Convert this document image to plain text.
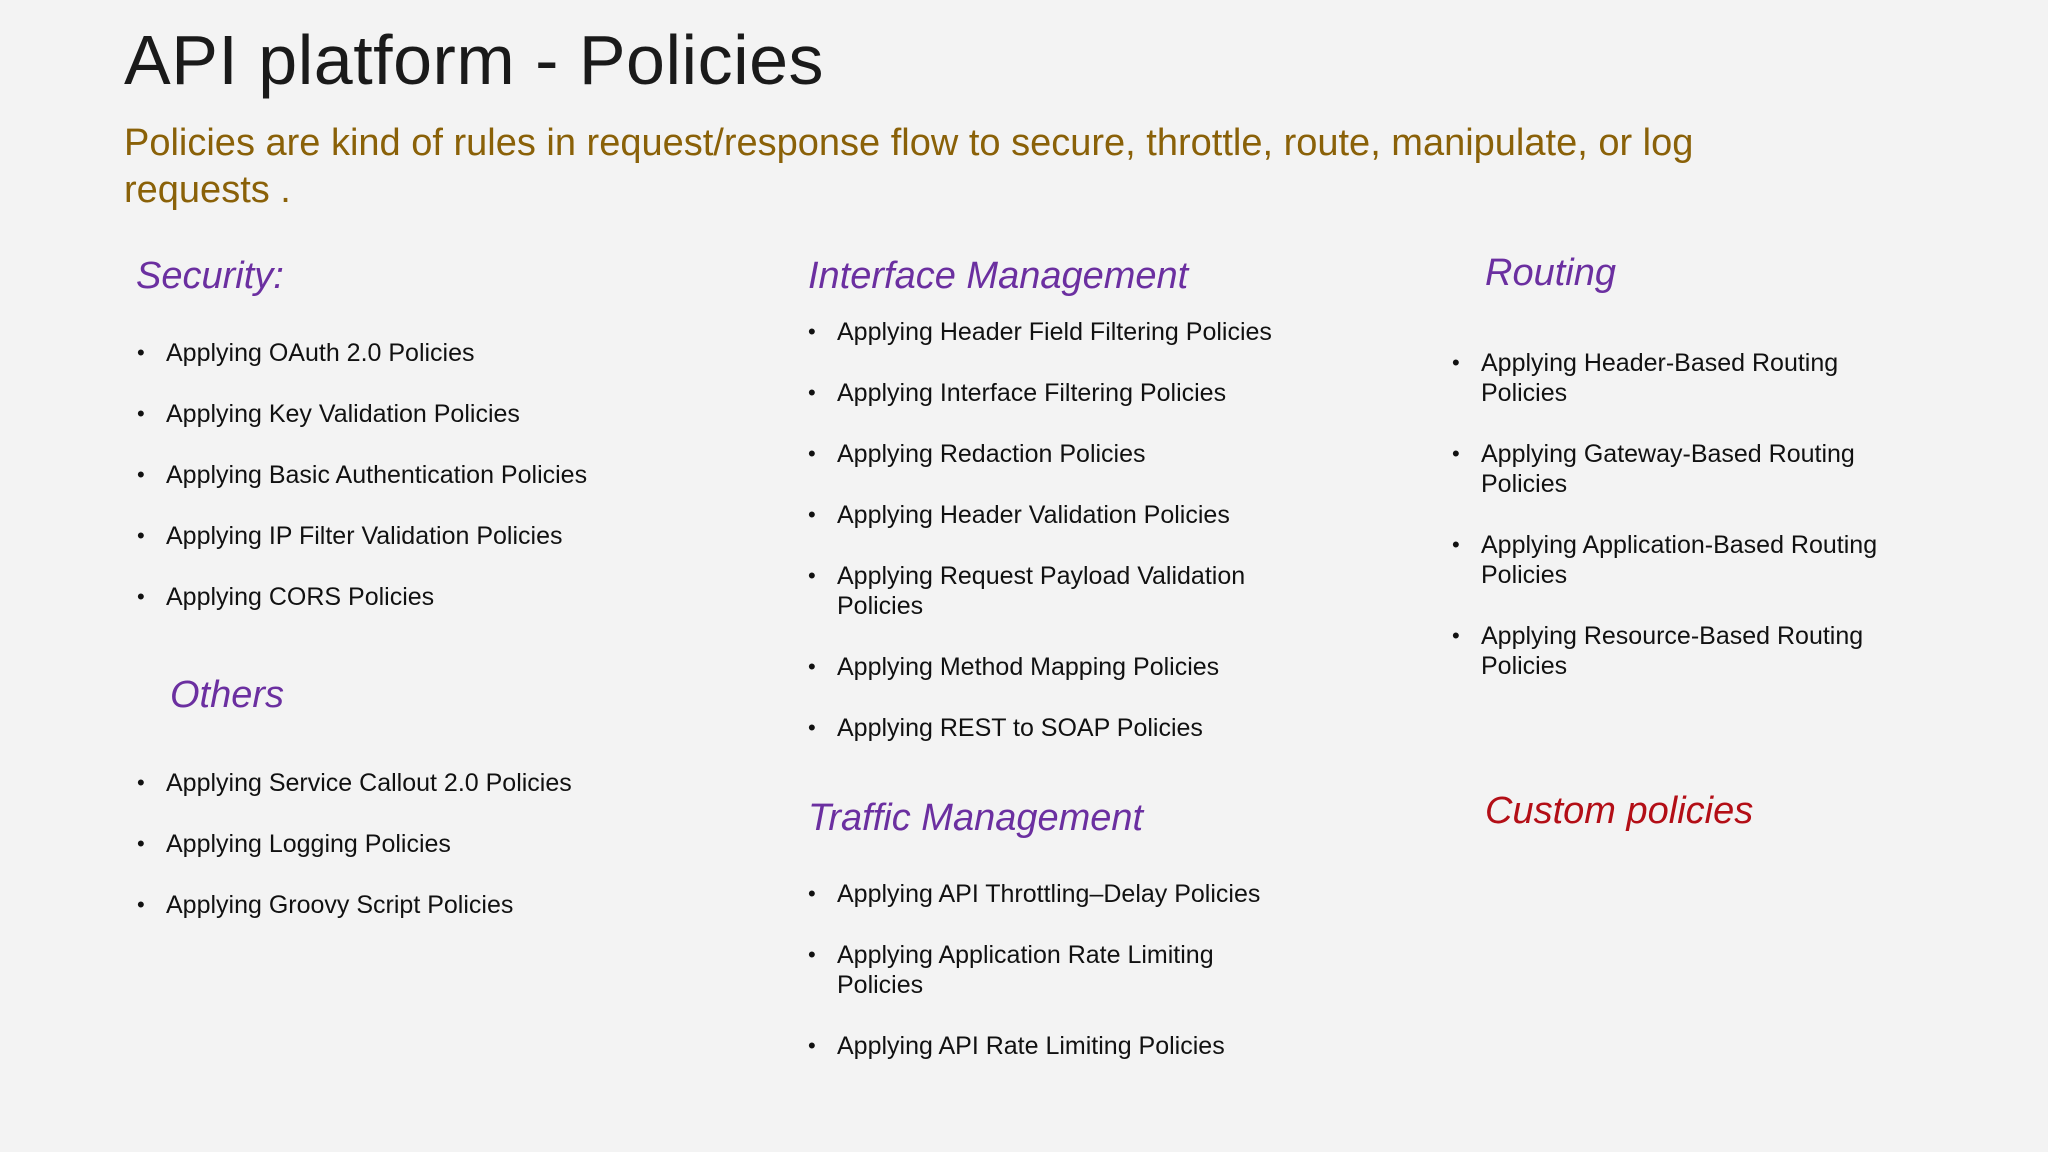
API platform - Policies
Policies are kind of rules in request/response flow to secure, throttle, route, manipulate, or log requests .
Security:
• Applying OAuth 2.0 Policies
• Applying Key Validation Policies
• Applying Basic Authentication Policies
• Applying IP Filter Validation Policies
• Applying CORS Policies
Others
• Applying Service Callout 2.0 Policies
• Applying Logging Policies
• Applying Groovy Script Policies
Interface Management
• Applying Header Field Filtering Policies
• Applying Interface Filtering Policies
• Applying Redaction Policies
• Applying Header Validation Policies
• Applying Request Payload Validation Policies
• Applying Method Mapping Policies
• Applying REST to SOAP Policies
Traffic Management
• Applying API Throttling–Delay Policies
• Applying Application Rate Limiting Policies
• Applying API Rate Limiting Policies
Routing
• Applying Header-Based Routing Policies
• Applying Gateway-Based Routing Policies
• Applying Application-Based Routing Policies
• Applying Resource-Based Routing Policies
Custom policies
